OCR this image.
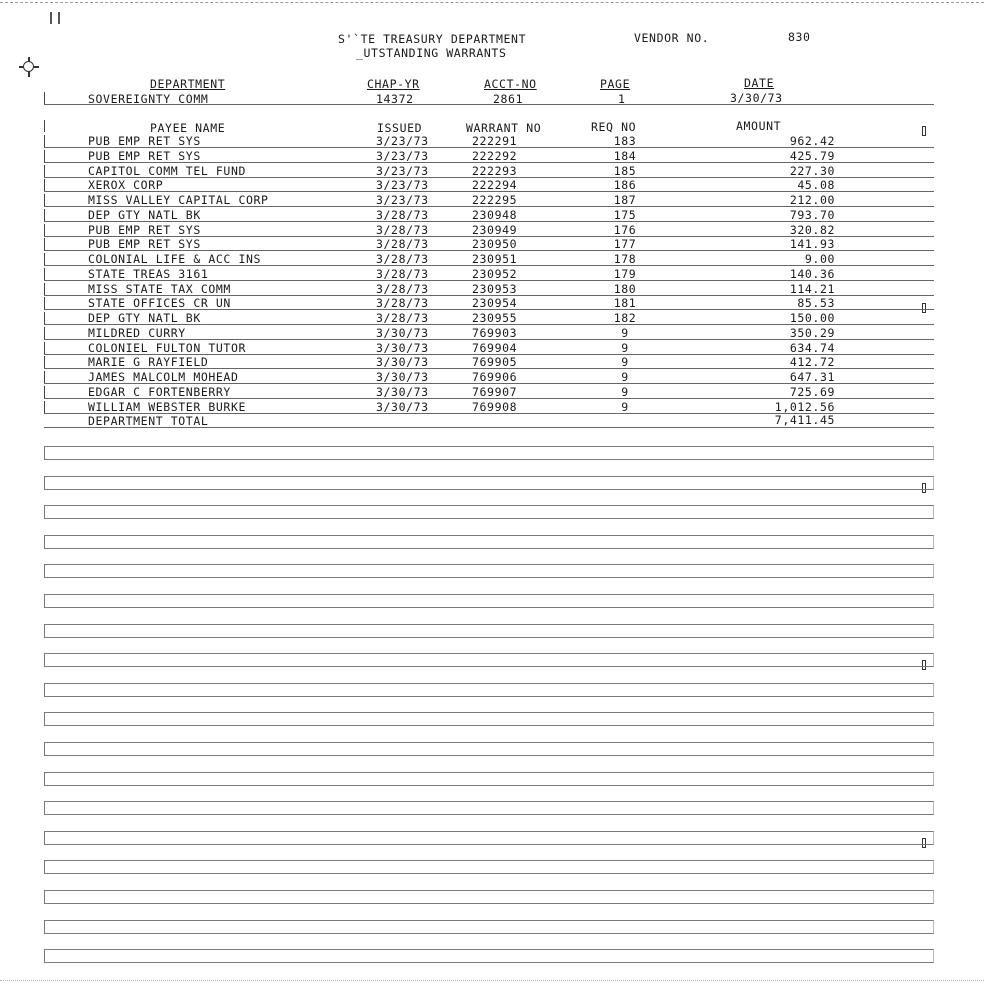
S'`TE TREASURY DEPARTMENT
_UTSTANDING WARRANTS
VENDOR NO.	830
DEPARTMENT	CHAP-YR	ACCT-NO	PAGE	DATE
SOVEREIGNTY COMM	14372	2861	1	3/30/73
PAYEE NAME	ISSUED	WARRANT NO	REQ NO	AMOUNT
PUB EMP RET SYS	3/23/73	222291	183	962.42
PUB EMP RET SYS	3/23/73	222292	184	425.79
CAPITOL COMM TEL FUND	3/23/73	222293	185	227.30
XEROX CORP	3/23/73	222294	186	45.08
MISS VALLEY CAPITAL CORP	3/23/73	222295	187	212.00
DEP GTY NATL BK	3/28/73	230948	175	793.70
PUB EMP RET SYS	3/28/73	230949	176	320.82
PUB EMP RET SYS	3/28/73	230950	177	141.93
COLONIAL LIFE & ACC INS	3/28/73	230951	178	9.00
STATE TREAS 3161	3/28/73	230952	179	140.36
MISS STATE TAX COMM	3/28/73	230953	180	114.21
STATE OFFICES CR UN	3/28/73	230954	181	85.53
DEP GTY NATL BK	3/28/73	230955	182	150.00
MILDRED CURRY	3/30/73	769903	9	350.29
COLONIEL FULTON TUTOR	3/30/73	769904	9	634.74
MARIE G RAYFIELD	3/30/73	769905	9	412.72
JAMES MALCOLM MOHEAD	3/30/73	769906	9	647.31
EDGAR C FORTENBERRY	3/30/73	769907	9	725.69
WILLIAM WEBSTER BURKE	3/30/73	769908	9	1,012.56
DEPARTMENT TOTAL	7,411.45
